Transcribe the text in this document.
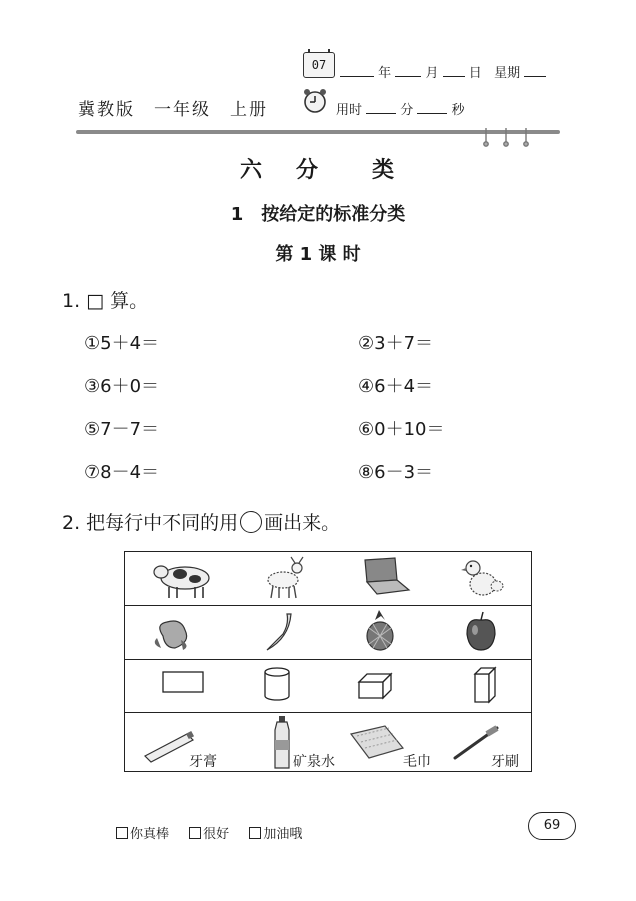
07
年	月 日 星期
冀教版　一年级　上册	用时	分	秒
六 分 类
1　按给定的标准分类
第 1 课 时
1. □ 算。
①5＋4＝	②3＋7＝
③6＋0＝	④6＋4＝
⑤7－7＝	⑥0＋10＝
⑦8－4＝	⑧6－3＝
2. 把每行中不同的用 画出来。
牙膏	矿泉水	毛巾	牙刷
你真棒	很好	加油哦
69
